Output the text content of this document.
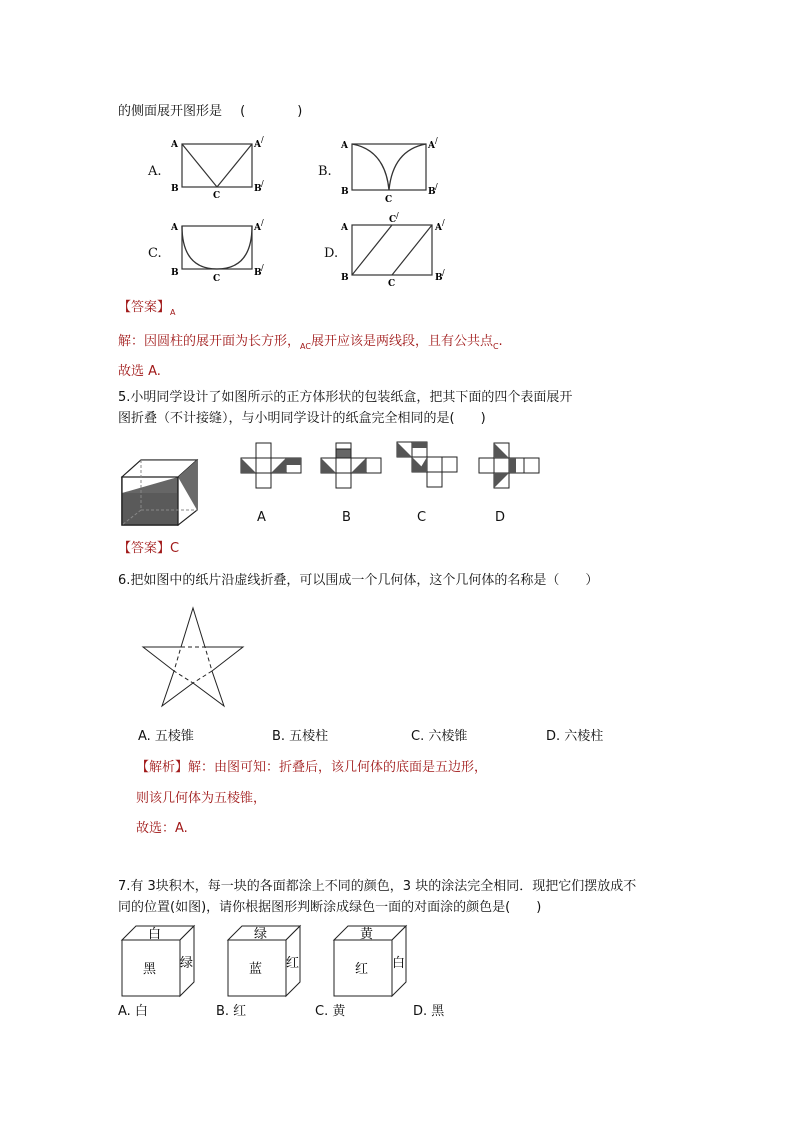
的侧面展开图形是 (　　　　)
A.	B.
C.	D.
A	A
/
B	B
/
C
A	A
/
B	B
/
C
A	A
/
B	B
/
C
C /
A	A
/
B	B
/
C
【答案】$_A$
解：因圆柱的展开面为长方形，$_{AC}$展开应该是两线段，且有公共点$_C$.
故选 A.
5.小明同学设计了如图所示的正方体形状的包装纸盒，把其下面的四个表面展开
图折叠（不计接缝），与小明同学设计的纸盒完全相同的是(　　)
A	B	C	D
【答案】C
6.把如图中的纸片沿虚线折叠，可以围成一个几何体，这个几何体的名称是（　　）
A. 五棱锥	B. 五棱柱	C. 六棱锥	D. 六棱柱
【解析】解：由图可知：折叠后，该几何体的底面是五边形，
则该几何体为五棱锥，
故选：A.
7.有 3块积木，每一块的各面都涂上不同的颜色，3 块的涂法完全相同．现把它们摆放成不
同的位置(如图)，请你根据图形判断涂成绿色一面的对面涂的颜色是(　　)
白
黑 绿
绿
蓝 红
黄
红 白
A. 白	B. 红	C. 黄	D. 黑
